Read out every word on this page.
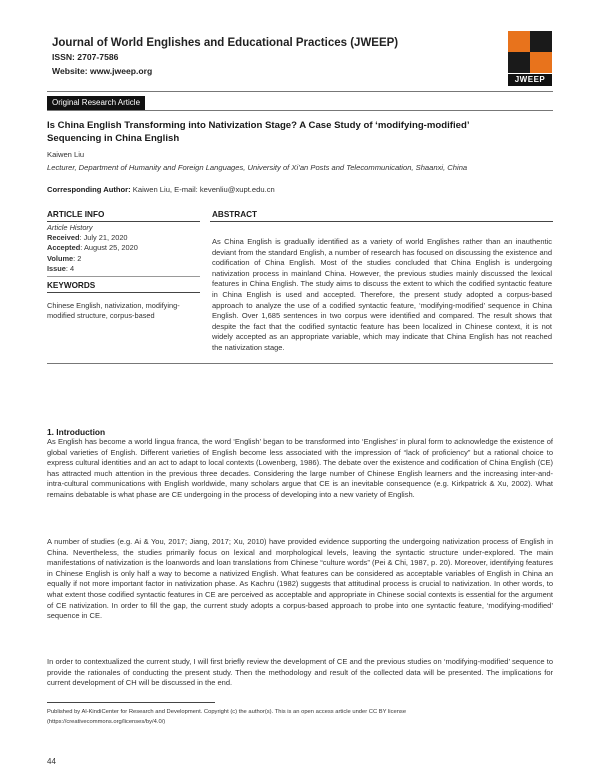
Journal of World Englishes and Educational Practices (JWEEP)
ISSN: 2707-7586
Website: www.jweep.org
JWEEP
Original Research Article
Is China English Transforming into Nativization Stage? A Case Study of ‘modifying-modified’
Sequencing in China English
Kaiwen Liu
Lecturer, Department of Humanity and Foreign Languages, University of Xi’an Posts and Telecommunication, Shaanxi, China
Corresponding Author: Kaiwen Liu, E-mail: kevenliu@xupt.edu.cn
ARTICLE INFO
Article History
Received: July 21, 2020
Accepted: August 25, 2020
Volume: 2
Issue: 4
KEYWORDS
Chinese English, nativization, modifying-modified structure, corpus-based
ABSTRACT
As China English is gradually identified as a variety of world Englishes rather than an inauthentic deviant from the standard English, a number of research has focused on discussing the existence and codification of China English. Most of the studies concluded that China English is undergoing nativization process in mainland China. However, the previous studies mainly discussed the lexical features in China English. The study aims to discuss the extent to which the codified syntactic feature in China English is used and accepted. Therefore, the present study adopted a corpus-based approach to analyze the use of a codified syntactic feature, ‘modifying-modified’ sequence in China English. Over 1,685 sentences in two corpus were identified and compared. The result shows that despite the fact that the codified syntactic feature has been localized in Chinese context, it is not widely accepted as an appropriate variable, which may indicate that China English has not reached the nativization stage.
1. Introduction
As English has become a world lingua franca, the word ‘English’ began to be transformed into ‘Englishes’ in plural form to acknowledge the existence of global varieties of English. Different varieties of English become less associated with the impression of “lack of proficiency” but a rational choice to express cultural identities and an act to adapt to local contexts (Lowenberg, 1986). The debate over the existence and codification of China English (CE) has attracted much attention in the previous three decades. Considering the large number of Chinese English learners and the increasing inter-and-intra-cultural communications with English worldwide, many scholars argue that CE is an inevitable consequence (e.g. Kirkpatrick & Xu, 2002). What remains debatable is what phase are CE undergoing in the process of developing into a new variety of English.
A number of studies (e.g. Ai & You, 2017; Jiang, 2017; Xu, 2010) have provided evidence supporting the undergoing nativization process of English in China. Nevertheless, the studies primarily focus on lexical and morphological levels, leaving the syntactic structure under-explored. The main manifestations of nativization is the loanwords and loan translations from Chinese “culture words” (Pei & Chi, 1987, p. 20). Moreover, identifying features in Chinese English is only half a way to become a nativized English. What features can be considered as acceptable variables of English in China an equally if not more important factor in nativization phase. As Kachru (1982) suggests that attitudinal process is crucial to nativization. In other words, to what extent those codified syntactic features in CE are perceived as acceptable and appropriate in Chinese social contexts is essential for the argument of CE nativization. In order to fill the gap, the current study adopts a corpus-based approach to probe into one syntactic feature, ‘modifying-modified’ sequence in CE.
In order to contextualized the current study, I will first briefly review the development of CE and the previous studies on ‘modifying-modified’ sequence to provide the rationales of conducting the present study. Then the methodology and result of the collected data will be presented. The implications for current development of CH will be discussed in the end.
Published by Al-KindiCenter for Research and Development. Copyright (c) the author(s). This is an open access article under CC BY license
(https://creativecommons.org/licenses/by/4.0/)
44
